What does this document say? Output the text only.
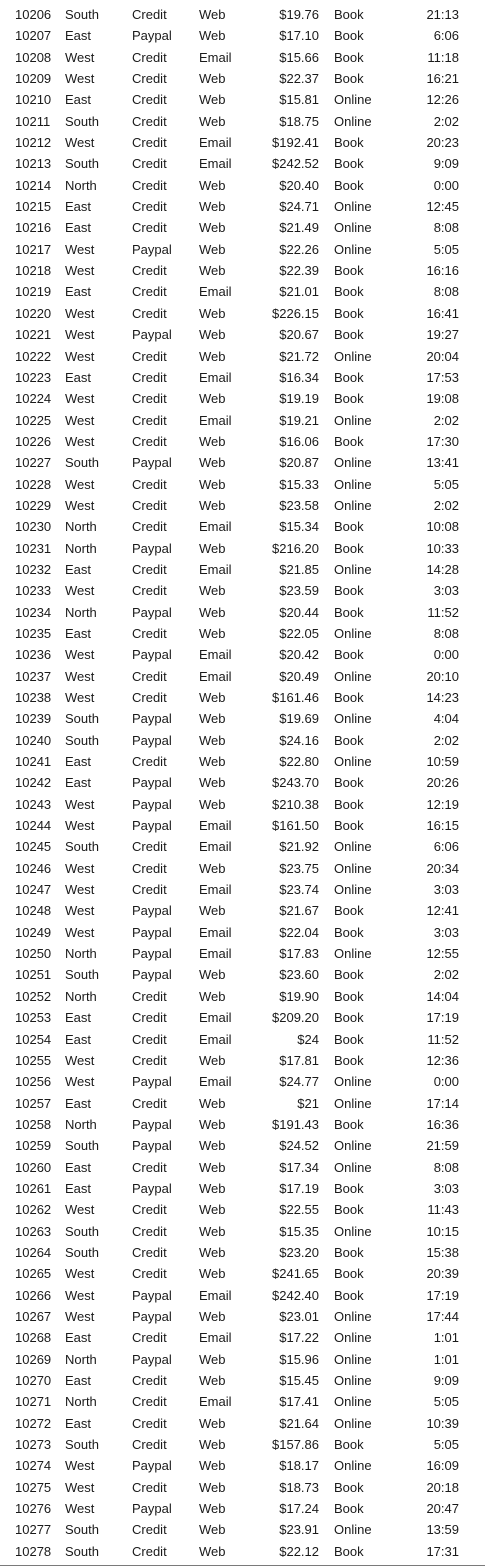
10206 South	Credit Web	$19.76 Book	21:13
10207 East	Paypal Web	$17.10 Book	6:06
10208 West	Credit Email	$15.66 Book	11:18
10209 West	Credit Web	$22.37 Book	16:21
10210 East	Credit Web	$15.81 Online	12:26
10211 South	Credit Web	$18.75 Online	2:02
10212 West	Credit Email	$192.41 Book	20:23
10213 South	Credit Email	$242.52 Book	9:09
10214 North	Credit Web	$20.40 Book	0:00
10215 East	Credit Web	$24.71 Online	12:45
10216 East	Credit Web	$21.49 Online	8:08
10217 West	Paypal Web	$22.26 Online	5:05
10218 West	Credit Web	$22.39 Book	16:16
10219 East	Credit Email	$21.01 Book	8:08
10220 West	Credit Web	$226.15 Book	16:41
10221 West	Paypal Web	$20.67 Book	19:27
10222 West	Credit Web	$21.72 Online	20:04
10223 East	Credit Email	$16.34 Book	17:53
10224 West	Credit Web	$19.19 Book	19:08
10225 West	Credit Email	$19.21 Online	2:02
10226 West	Credit Web	$16.06 Book	17:30
10227 South	Paypal Web	$20.87 Online	13:41
10228 West	Credit Web	$15.33 Online	5:05
10229 West	Credit Web	$23.58 Online	2:02
10230 North	Credit Email	$15.34 Book	10:08
10231 North	Paypal Web	$216.20 Book	10:33
10232 East	Credit Email	$21.85 Online	14:28
10233 West	Credit Web	$23.59 Book	3:03
10234 North	Paypal Web	$20.44 Book	11:52
10235 East	Credit Web	$22.05 Online	8:08
10236 West	Paypal Email	$20.42 Book	0:00
10237 West	Credit Email	$20.49 Online	20:10
10238 West	Credit Web	$161.46 Book	14:23
10239 South	Paypal Web	$19.69 Online	4:04
10240 South	Paypal Web	$24.16 Book	2:02
10241 East	Credit Web	$22.80 Online	10:59
10242 East	Paypal Web	$243.70 Book	20:26
10243 West	Paypal Web	$210.38 Book	12:19
10244 West	Paypal Email	$161.50 Book	16:15
10245 South	Credit Email	$21.92 Online	6:06
10246 West	Credit Web	$23.75 Online	20:34
10247 West	Credit Email	$23.74 Online	3:03
10248 West	Paypal Web	$21.67 Book	12:41
10249 West	Paypal Email	$22.04 Book	3:03
10250 North	Paypal Email	$17.83 Online	12:55
10251 South	Paypal Web	$23.60 Book	2:02
10252 North	Credit Web	$19.90 Book	14:04
10253 East	Credit Email	$209.20 Book	17:19
10254 East	Credit Email	$24 Book	11:52
10255 West	Credit Web	$17.81 Book	12:36
10256 West	Paypal Email	$24.77 Online	0:00
10257 East	Credit Web	$21 Online	17:14
10258 North	Paypal Web	$191.43 Book	16:36
10259 South	Paypal Web	$24.52 Online	21:59
10260 East	Credit Web	$17.34 Online	8:08
10261 East	Paypal Web	$17.19 Book	3:03
10262 West	Credit Web	$22.55 Book	11:43
10263 South	Credit Web	$15.35 Online	10:15
10264 South	Credit Web	$23.20 Book	15:38
10265 West	Credit Web	$241.65 Book	20:39
10266 West	Paypal Email	$242.40 Book	17:19
10267 West	Paypal Web	$23.01 Online	17:44
10268 East	Credit Email	$17.22 Online	1:01
10269 North	Paypal Web	$15.96 Online	1:01
10270 East	Credit Web	$15.45 Online	9:09
10271 North	Credit Email	$17.41 Online	5:05
10272 East	Credit Web	$21.64 Online	10:39
10273 South	Credit Web	$157.86 Book	5:05
10274 West	Paypal Web	$18.17 Online	16:09
10275 West	Credit Web	$18.73 Book	20:18
10276 West	Paypal Web	$17.24 Book	20:47
10277 South	Credit Web	$23.91 Online	13:59
10278 South	Credit Web	$22.12 Book	17:31
